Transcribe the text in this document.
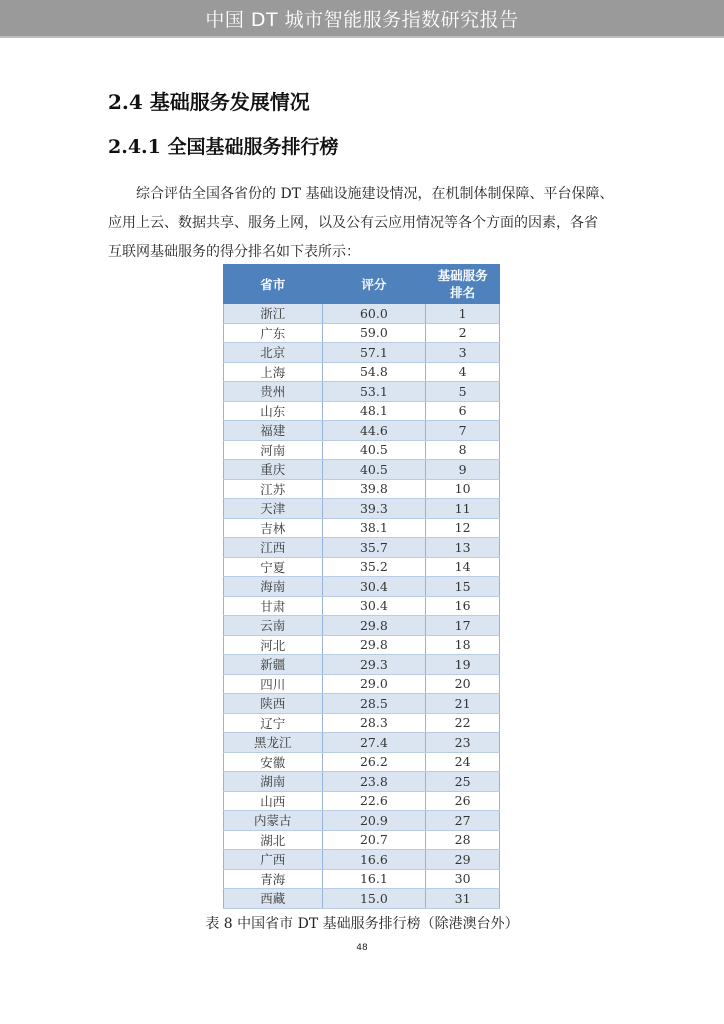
中国 DT 城市智能服务指数研究报告
2.4 基础服务发展情况
2.4.1 全国基础服务排行榜

综合评估全国各省份的 DT 基础设施建设情况，在机制体制保障、平台保障、

应用上云、数据共享、服务上网，以及公有云应用情况等各个方面的因素，各省

互联网基础服务的得分排名如下表所示：

省市	评分	基础服务
排名

浙江	60.0	1
广东	59.0	2
北京	57.1	3
上海	54.8	4
贵州	53.1	5
山东	48.1	6
福建	44.6	7
河南	40.5	8
重庆	40.5	9
江苏	39.8	10
天津	39.3	11
吉林	38.1	12
江西	35.7	13
宁夏	35.2	14
海南	30.4	15
甘肃	30.4	16
云南	29.8	17
河北	29.8	18
新疆	29.3	19
四川	29.0	20
陕西	28.5	21
辽宁	28.3	22
黑龙江	27.4	23
安徽	26.2	24
湖南	23.8	25
山西	22.6	26
内蒙古	20.9	27
湖北	20.7	28
广西	16.6	29
青海	16.1	30
西藏	15.0	31
表 8 中国省市 DT 基础服务排行榜（除港澳台外）
48
